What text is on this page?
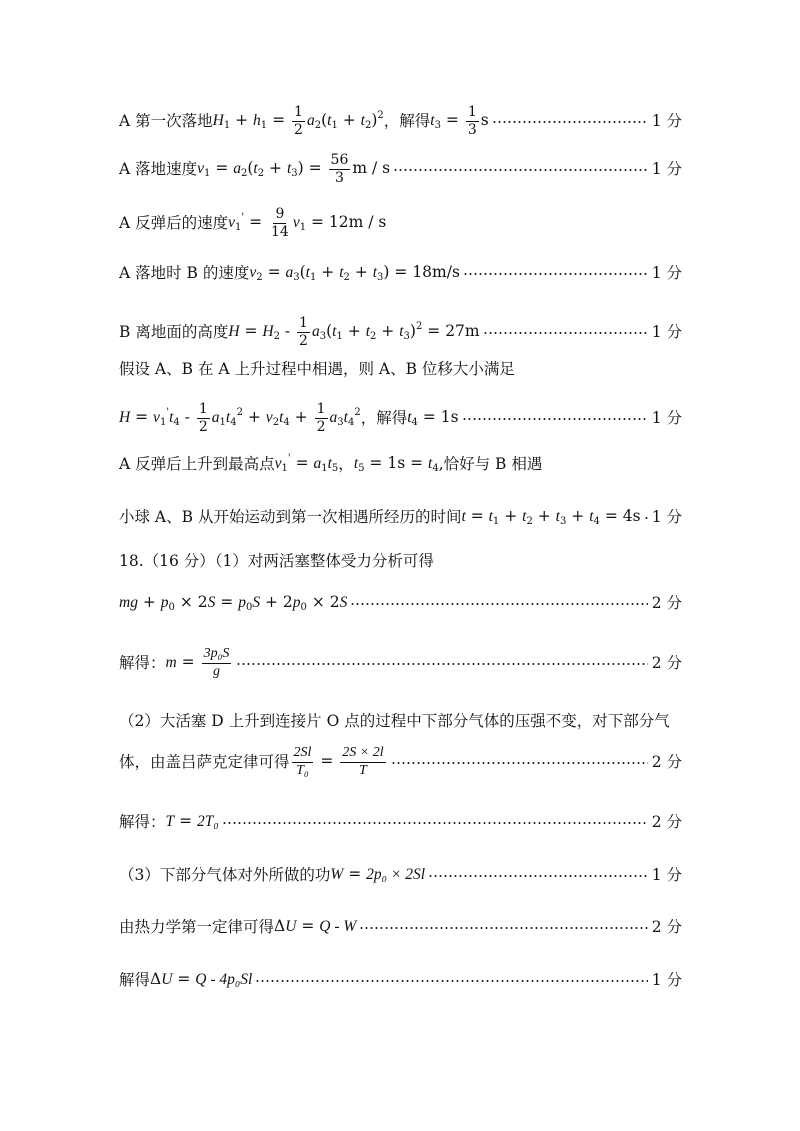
A 第一次落地 $H_1 + h_1 = \frac{1}{2} a_2(t_1 + t_2)^2$ ，解得 $t_3 = \frac{1}{3}$ s	1 分
A 落地速度 $v_1 = a_2(t_2 + t_3) = \frac{56}{3}$ m / s	1 分
A 反弹后的速度 $v_1' = \frac{9}{14} v_1 = 12m / s$
A 落地时 B 的速度 $v_2 = a_3(t_1 + t_2 + t_3) = 18m/s$	1 分
B 离地面的高度 $H = H_2 - \frac{1}{2} a_3(t_1 + t_2 + t_3)^2 = 27m$	1 分
假设 A、B 在 A 上升过程中相遇，则 A、B 位移大小满足
$H = v_1't_4 - \frac{1}{2} a_1t_4^2 + v_2t_4 + \frac{1}{2} a_3t_4^2$ ，解得 $t_4 = 1s$	1 分
A 反弹后上升到最高点 $v_1' = a_1t_5$ ， $t_5 = 1s = t_4$ ,恰好与 B 相遇
小球 A、B 从开始运动到第一次相遇所经历的时间 $t = t_1 + t_2 + t_3 + t_4 = 4s$ 1 分
18.（16 分）（1）对两活塞整体受力分析可得
mg + $p_0 \times 2S = p_0S + 2p_0 \times 2S$	2 分
解得： $m = \frac{\text{3p₀S}}{g}$	2 分
（2）大活塞 D 上升到连接片 O 点的过程中下部分气体的压强不变，对下部分气
体，由盖吕萨克定律可得 $\frac{2Sl}{\text{T₀}} = \frac{2S \times 2l}{T}$	2 分
解得： T = 2T₀	2 分
（3）下部分气体对外所做的功 W = 2p₀ × 2Sl	1 分
由热力学第一定律可得 ΔU = Q - W	2 分
解得 ΔU = Q - 4p₀Sl	1 分
